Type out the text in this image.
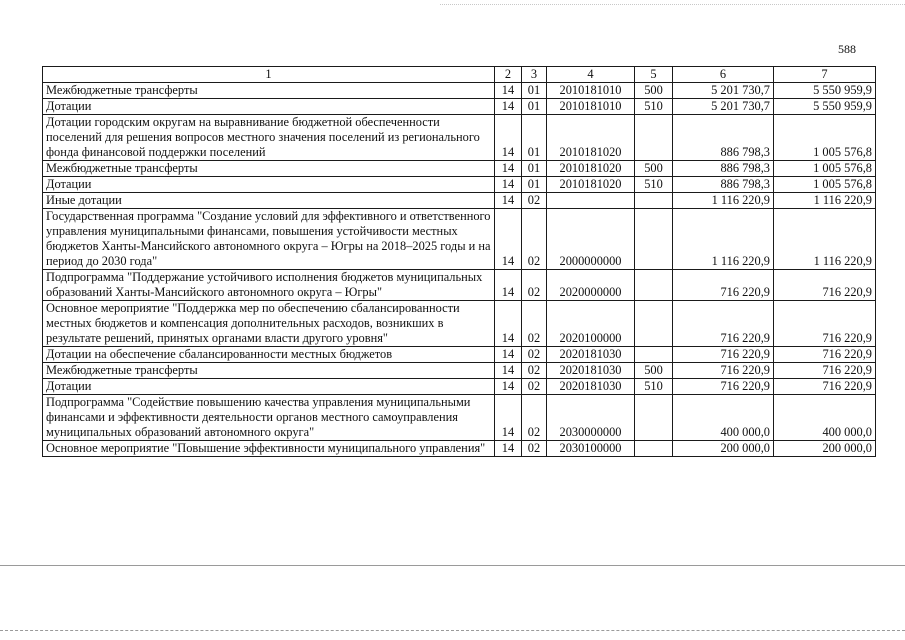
588
1	2	3	4	5	6	7
Межбюджетные трансферты	14	01	2010181010	500	5 201 730,7	5 550 959,9
Дотации	14	01	2010181010	510	5 201 730,7	5 550 959,9
Дотации городским округам на выравнивание бюджетной обеспеченности поселений для решения вопросов местного значения поселений из регионального фонда финансовой поддержки поселений	14	01	2010181020		886 798,3	1 005 576,8
Межбюджетные трансферты	14	01	2010181020	500	886 798,3	1 005 576,8
Дотации	14	01	2010181020	510	886 798,3	1 005 576,8
Иные дотации	14	02			1 116 220,9	1 116 220,9
Государственная программа "Создание условий для эффективного и ответственного управления муниципальными финансами, повышения устойчивости местных бюджетов Ханты-Мансийского автономного округа – Югры на 2018–2025 годы и на период до 2030 года"	14	02	2000000000		1 116 220,9	1 116 220,9
Подпрограмма "Поддержание устойчивого исполнения бюджетов муниципальных образований Ханты-Мансийского автономного округа – Югры"	14	02	2020000000		716 220,9	716 220,9
Основное мероприятие "Поддержка мер по обеспечению сбалансированности местных бюджетов и компенсация дополнительных расходов, возникших в результате решений, принятых органами власти другого уровня"	14	02	2020100000		716 220,9	716 220,9
Дотации на обеспечение сбалансированности местных бюджетов	14	02	2020181030		716 220,9	716 220,9
Межбюджетные трансферты	14	02	2020181030	500	716 220,9	716 220,9
Дотации	14	02	2020181030	510	716 220,9	716 220,9
Подпрограмма "Содействие повышению качества управления муниципальными финансами и эффективности деятельности органов местного самоуправления муниципальных образований автономного округа"	14	02	2030000000		400 000,0	400 000,0
Основное мероприятие "Повышение эффективности муниципального управления"	14	02	2030100000		200 000,0	200 000,0
